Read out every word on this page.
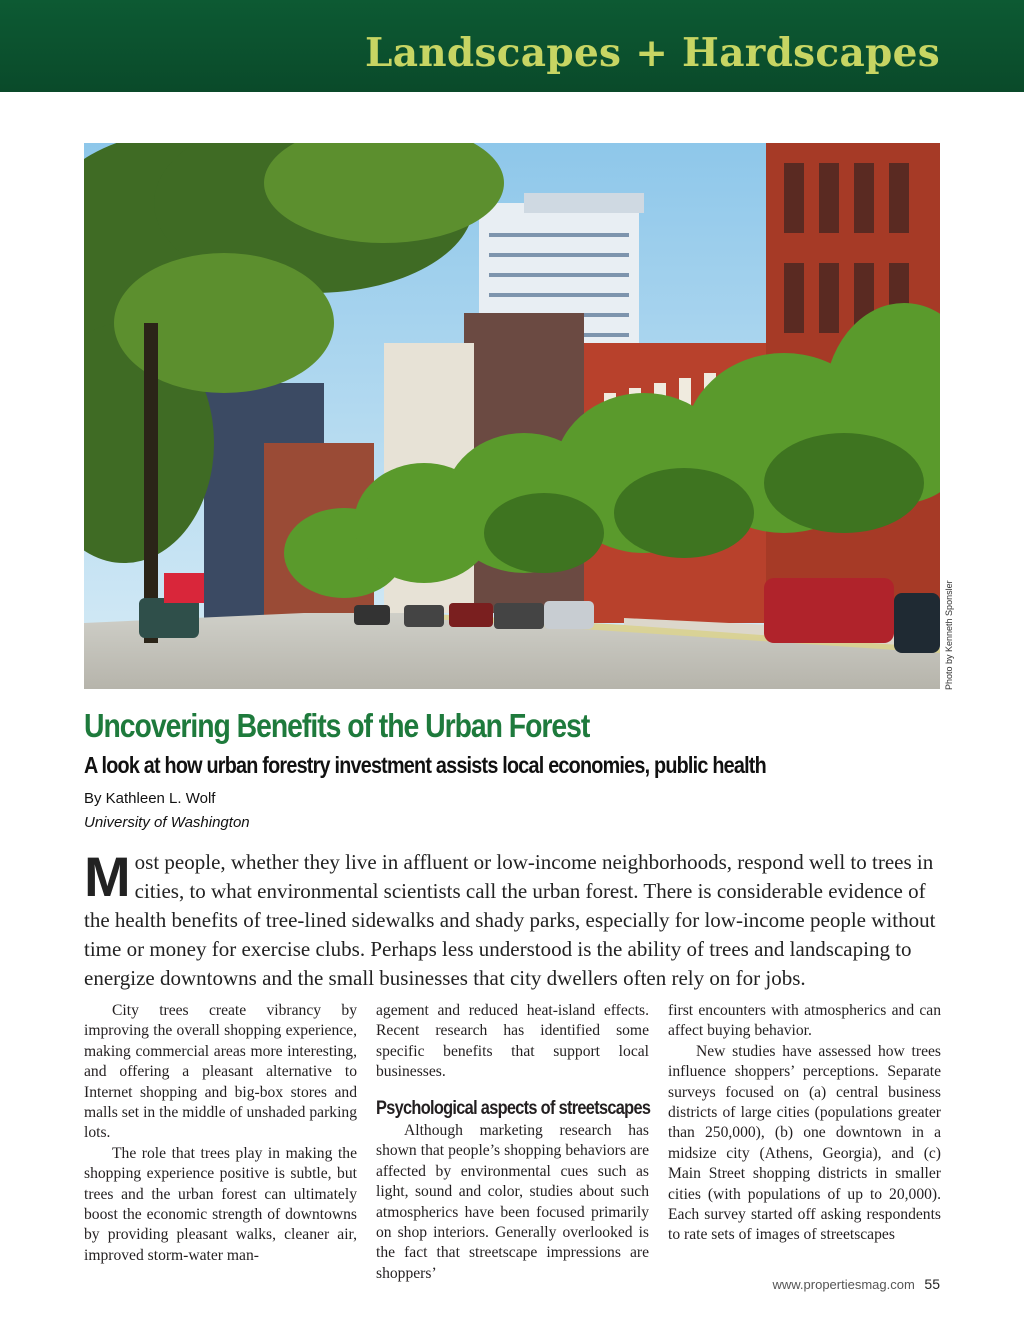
Landscapes + Hardscapes
Photo by Kenneth Sponsler
Uncovering Benefits of the Urban Forest
A look at how urban forestry investment assists local economies, public health
By Kathleen L. Wolf
University of Washington
M ost people, whether they live in affluent or low-income neighborhoods, respond well to trees in
cities, to what environmental scientists call the urban forest. There is considerable evidence of
the health benefits of tree-lined sidewalks and shady parks, especially for low-income people without
time or money for exercise clubs. Perhaps less understood is the ability of trees and landscaping to
energize downtowns and the small businesses that city dwellers often rely on for jobs.

City trees create vibrancy by improving the overall shopping experience, making commercial areas more interesting, and offering a pleasant alternative to Internet shopping and big-box stores and malls set in the middle of unshaded parking lots.

The role that trees play in making the shopping experience positive is subtle, but trees and the urban forest can ultimately boost the economic strength of downtowns by providing pleasant walks, cleaner air, improved storm-water man-

agement and reduced heat-island effects. Recent research has identified some specific benefits that support local businesses.

Psychological aspects of streetscapes

Although marketing research has shown that people’s shopping behaviors are affected by environmental cues such as light, sound and color, studies about such atmospherics have been focused primarily on shop interiors. Generally overlooked is the fact that streetscape impressions are shoppers’

first encounters with atmospherics and can affect buying behavior.

New studies have assessed how trees influence shoppers’ perceptions. Separate surveys focused on (a) central business districts of large cities (populations greater than 250,000), (b) one downtown in a midsize city (Athens, Georgia), and (c) Main Street shopping districts in smaller cities (with populations of up to 20,000). Each survey started off asking respondents to rate sets of images of streetscapes

www.propertiesmag.com 55
